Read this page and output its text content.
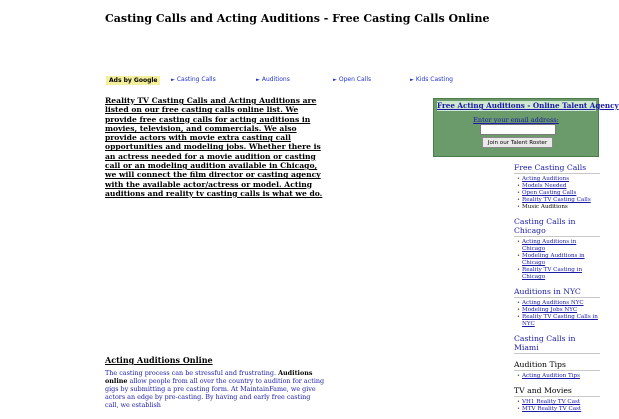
Casting Calls and Acting Auditions - Free Casting Calls Online
Ads by Google	► Casting Calls	► Auditions	► Open Calls	► Kids Casting
Reality TV Casting Calls and Acting Auditions are listed on our free casting calls online list. We provide free casting calls for acting auditions in movies, television, and commercials. We also provide actors with movie extra casting call opportunities and modeling jobs. Whether there is an actress needed for a movie audition or casting call or an modeling audition available in Chicago, we will connect the film director or casting agency with the available actor/actress or model. Acting auditions and reality tv casting calls is what we do.
Free Acting Auditions - Online Talent Agency
Enter your email address:
Join our Talent Roster
Free Casting Calls
• Acting Auditions
• Models Needed
• Open Casting Calls
• Reality TV Casting Calls
• Music Auditions
Casting Calls in Chicago
• Acting Auditions in Chicago
• Modeling Auditions in Chicago
• Reality TV Casting in Chicago
Auditions in NYC
• Acting Auditions NYC
• Modeling Jobs NYC
• Reality TV Casting Calls in NYC
Casting Calls in Miami
Audition Tips
• Acting Audition Tips
TV and Movies
• VH1 Reality TV Cast
• MTV Reality TV Cast
Acting Auditions Online
The casting process can be stressful and frustrating. Auditions online allow people from all over the country to audition for acting gigs by submitting a pre casting form. At MaintainFame, we give actors an edge by pre-casting. By having and early free casting call, we establish
